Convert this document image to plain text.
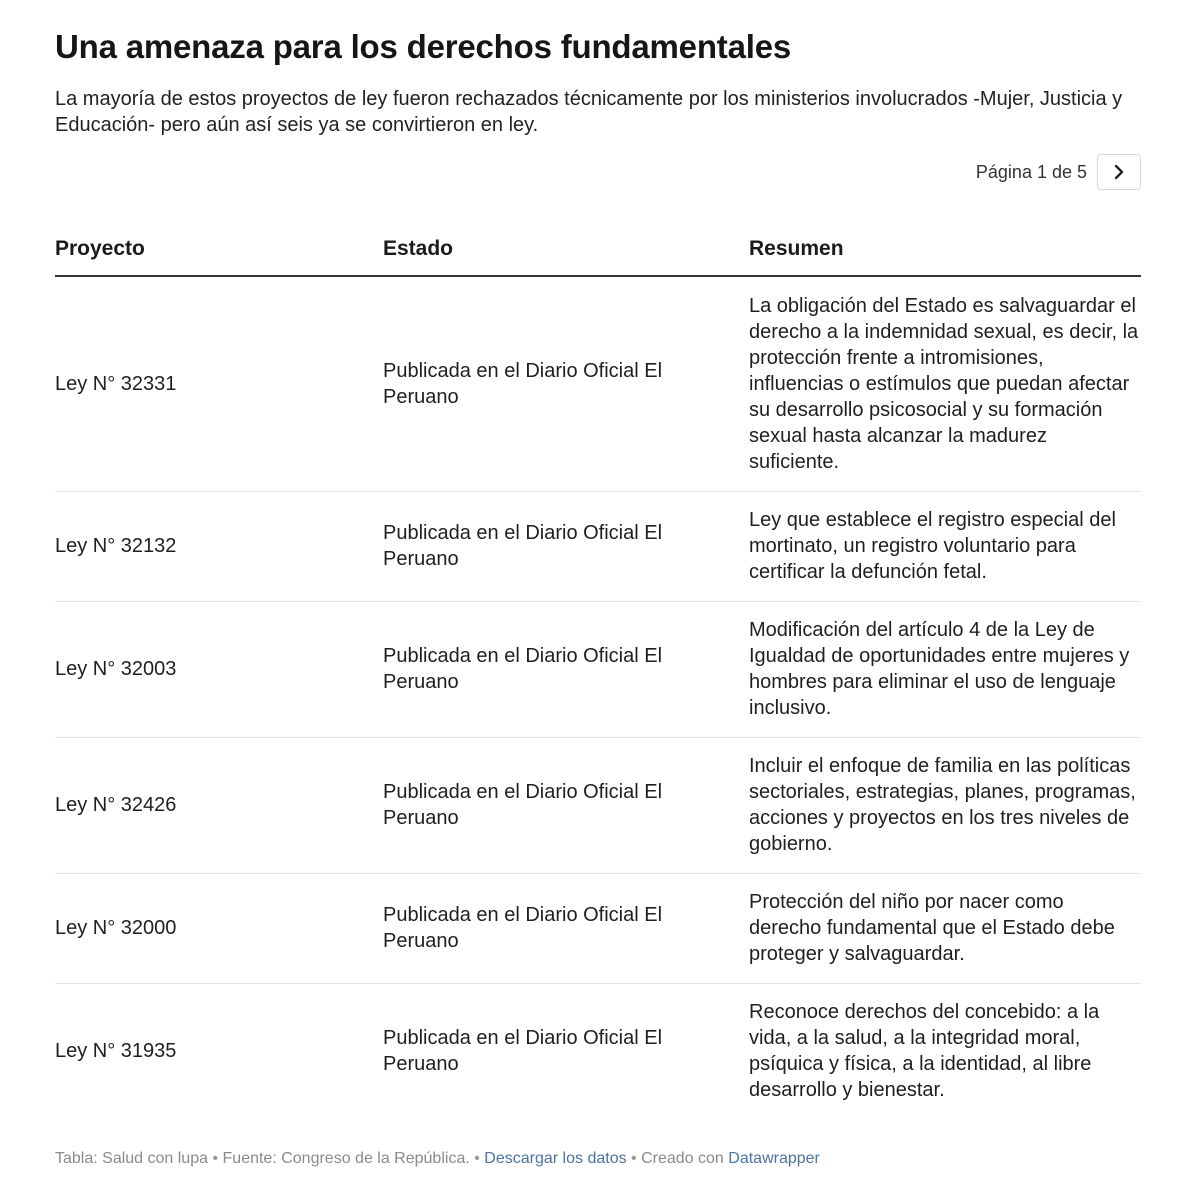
Una amenaza para los derechos fundamentales

La mayoría de estos proyectos de ley fueron rechazados técnicamente por los ministerios involucrados -Mujer, Justicia y Educación- pero aún así seis ya se convirtieron en ley.

Página 1 de 5
Proyecto	Estado	Resumen
Ley N° 32331	Publicada en el Diario Oficial El Peruano	La obligación del Estado es salvaguardar el derecho a la indemnidad sexual, es decir, la protección frente a intromisiones, influencias o estímulos que puedan afectar su desarrollo psicosocial y su formación sexual hasta alcanzar la madurez suficiente.
Ley N° 32132	Publicada en el Diario Oficial El Peruano	Ley que establece el registro especial del mortinato, un registro voluntario para certificar la defunción fetal.
Ley N° 32003	Publicada en el Diario Oficial El Peruano	Modificación del artículo 4 de la Ley de Igualdad de oportunidades entre mujeres y hombres para eliminar el uso de lenguaje inclusivo.
Ley N° 32426	Publicada en el Diario Oficial El Peruano	Incluir el enfoque de familia en las políticas sectoriales, estrategias, planes, programas, acciones y proyectos en los tres niveles de gobierno.
Ley N° 32000	Publicada en el Diario Oficial El Peruano	Protección del niño por nacer como derecho fundamental que el Estado debe proteger y salvaguardar.
Ley N° 31935	Publicada en el Diario Oficial El Peruano	Reconoce derechos del concebido: a la vida, a la salud, a la integridad moral, psíquica y física, a la identidad, al libre desarrollo y bienestar.
Tabla: Salud con lupa • Fuente: Congreso de la República. • Descargar los datos • Creado con Datawrapper
